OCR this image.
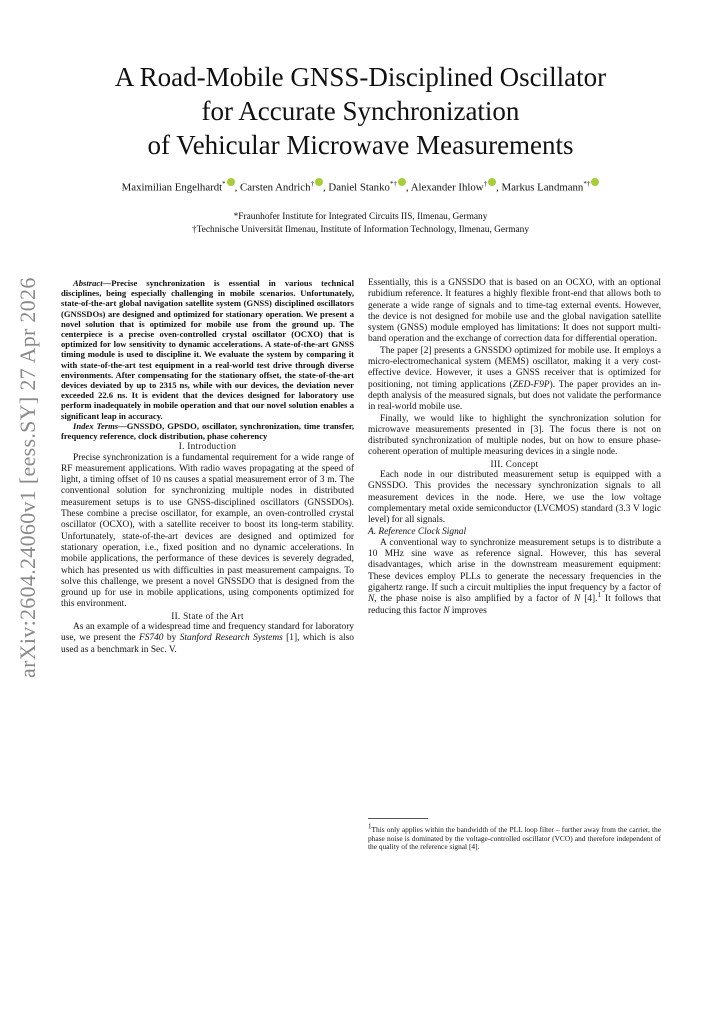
arXiv:2604.24060v1 [eess.SY] 27 Apr 2026
A Road-Mobile GNSS-Disciplined Oscillator
for Accurate Synchronization
of Vehicular Microwave Measurements
Maximilian Engelhardt* , Carsten Andrich† , Daniel Stanko*† , Alexander Ihlow† , Markus Landmann*†
*Fraunhofer Institute for Integrated Circuits IIS, Ilmenau, Germany
†Technische Universität Ilmenau, Institute of Information Technology, Ilmenau, Germany

Abstract—Precise synchronization is essential in various technical disciplines, being especially challenging in mobile scenarios. Unfortunately, state-of-the-art global navigation satellite system (GNSS) disciplined oscillators (GNSSDOs) are designed and optimized for stationary operation. We present a novel solution that is optimized for mobile use from the ground up. The centerpiece is a precise oven-controlled crystal oscillator (OCXO) that is optimized for low sensitivity to dynamic accelerations. A state-of-the-art GNSS timing module is used to discipline it. We evaluate the system by comparing it with state-of-the-art test equipment in a real-world test drive through diverse environments. After compensating for the stationary offset, the state-of-the-art devices deviated by up to 2315 ns, while with our devices, the deviation never exceeded 22.6 ns. It is evident that the devices designed for laboratory use perform inadequately in mobile operation and that our novel solution enables a significant leap in accuracy.

Index Terms—GNSSDO, GPSDO, oscillator, synchronization, time transfer, frequency reference, clock distribution, phase coherency

I. Introduction

Precise synchronization is a fundamental requirement for a wide range of RF measurement applications. With radio waves propagating at the speed of light, a timing offset of 10 ns causes a spatial measurement error of 3 m. The conventional solution for synchronizing multiple nodes in distributed measurement setups is to use GNSS-disciplined oscillators (GNSSDOs). These combine a precise oscillator, for example, an oven-controlled crystal oscillator (OCXO), with a satellite receiver to boost its long-term stability. Unfortunately, state-of-the-art devices are designed and optimized for stationary operation, i.e., fixed position and no dynamic accelerations. In mobile applications, the performance of these devices is severely degraded, which has presented us with difficulties in past measurement campaigns. To solve this challenge, we present a novel GNSSDO that is designed from the ground up for use in mobile applications, using components optimized for this environment.

II. State of the Art

As an example of a widespread time and frequency standard for laboratory use, we present the FS740 by Stanford Research Systems [1], which is also used as a benchmark in Sec. V.

Essentially, this is a GNSSDO that is based on an OCXO, with an optional rubidium reference. It features a highly flexible front-end that allows both to generate a wide range of signals and to time-tag external events. However, the device is not designed for mobile use and the global navigation satellite system (GNSS) module employed has limitations: It does not support multi-band operation and the exchange of correction data for differential operation.

The paper [2] presents a GNSSDO optimized for mobile use. It employs a micro-electromechanical system (MEMS) oscillator, making it a very cost-effective device. However, it uses a GNSS receiver that is optimized for positioning, not timing applications (ZED-F9P). The paper provides an in-depth analysis of the measured signals, but does not validate the performance in real-world mobile use.

Finally, we would like to highlight the synchronization solution for microwave measurements presented in [3]. The focus there is not on distributed synchronization of multiple nodes, but on how to ensure phase-coherent operation of multiple measuring devices in a single node.

III. Concept

Each node in our distributed measurement setup is equipped with a GNSSDO. This provides the necessary synchronization signals to all measurement devices in the node. Here, we use the low voltage complementary metal oxide semiconductor (LVCMOS) standard (3.3 V logic level) for all signals.

A. Reference Clock Signal

A conventional way to synchronize measurement setups is to distribute a 10 MHz sine wave as reference signal. However, this has several disadvantages, which arise in the downstream measurement equipment: These devices employ PLLs to generate the necessary frequencies in the gigahertz range. If such a circuit multiplies the input frequency by a factor of N, the phase noise is also amplified by a factor of N [4].$^1$ It follows that reducing this factor N improves

$^1$This only applies within the bandwidth of the PLL loop filter – further away from the carrier, the phase noise is dominated by the voltage-controlled oscillator (VCO) and therefore independent of the quality of the reference signal [4].
